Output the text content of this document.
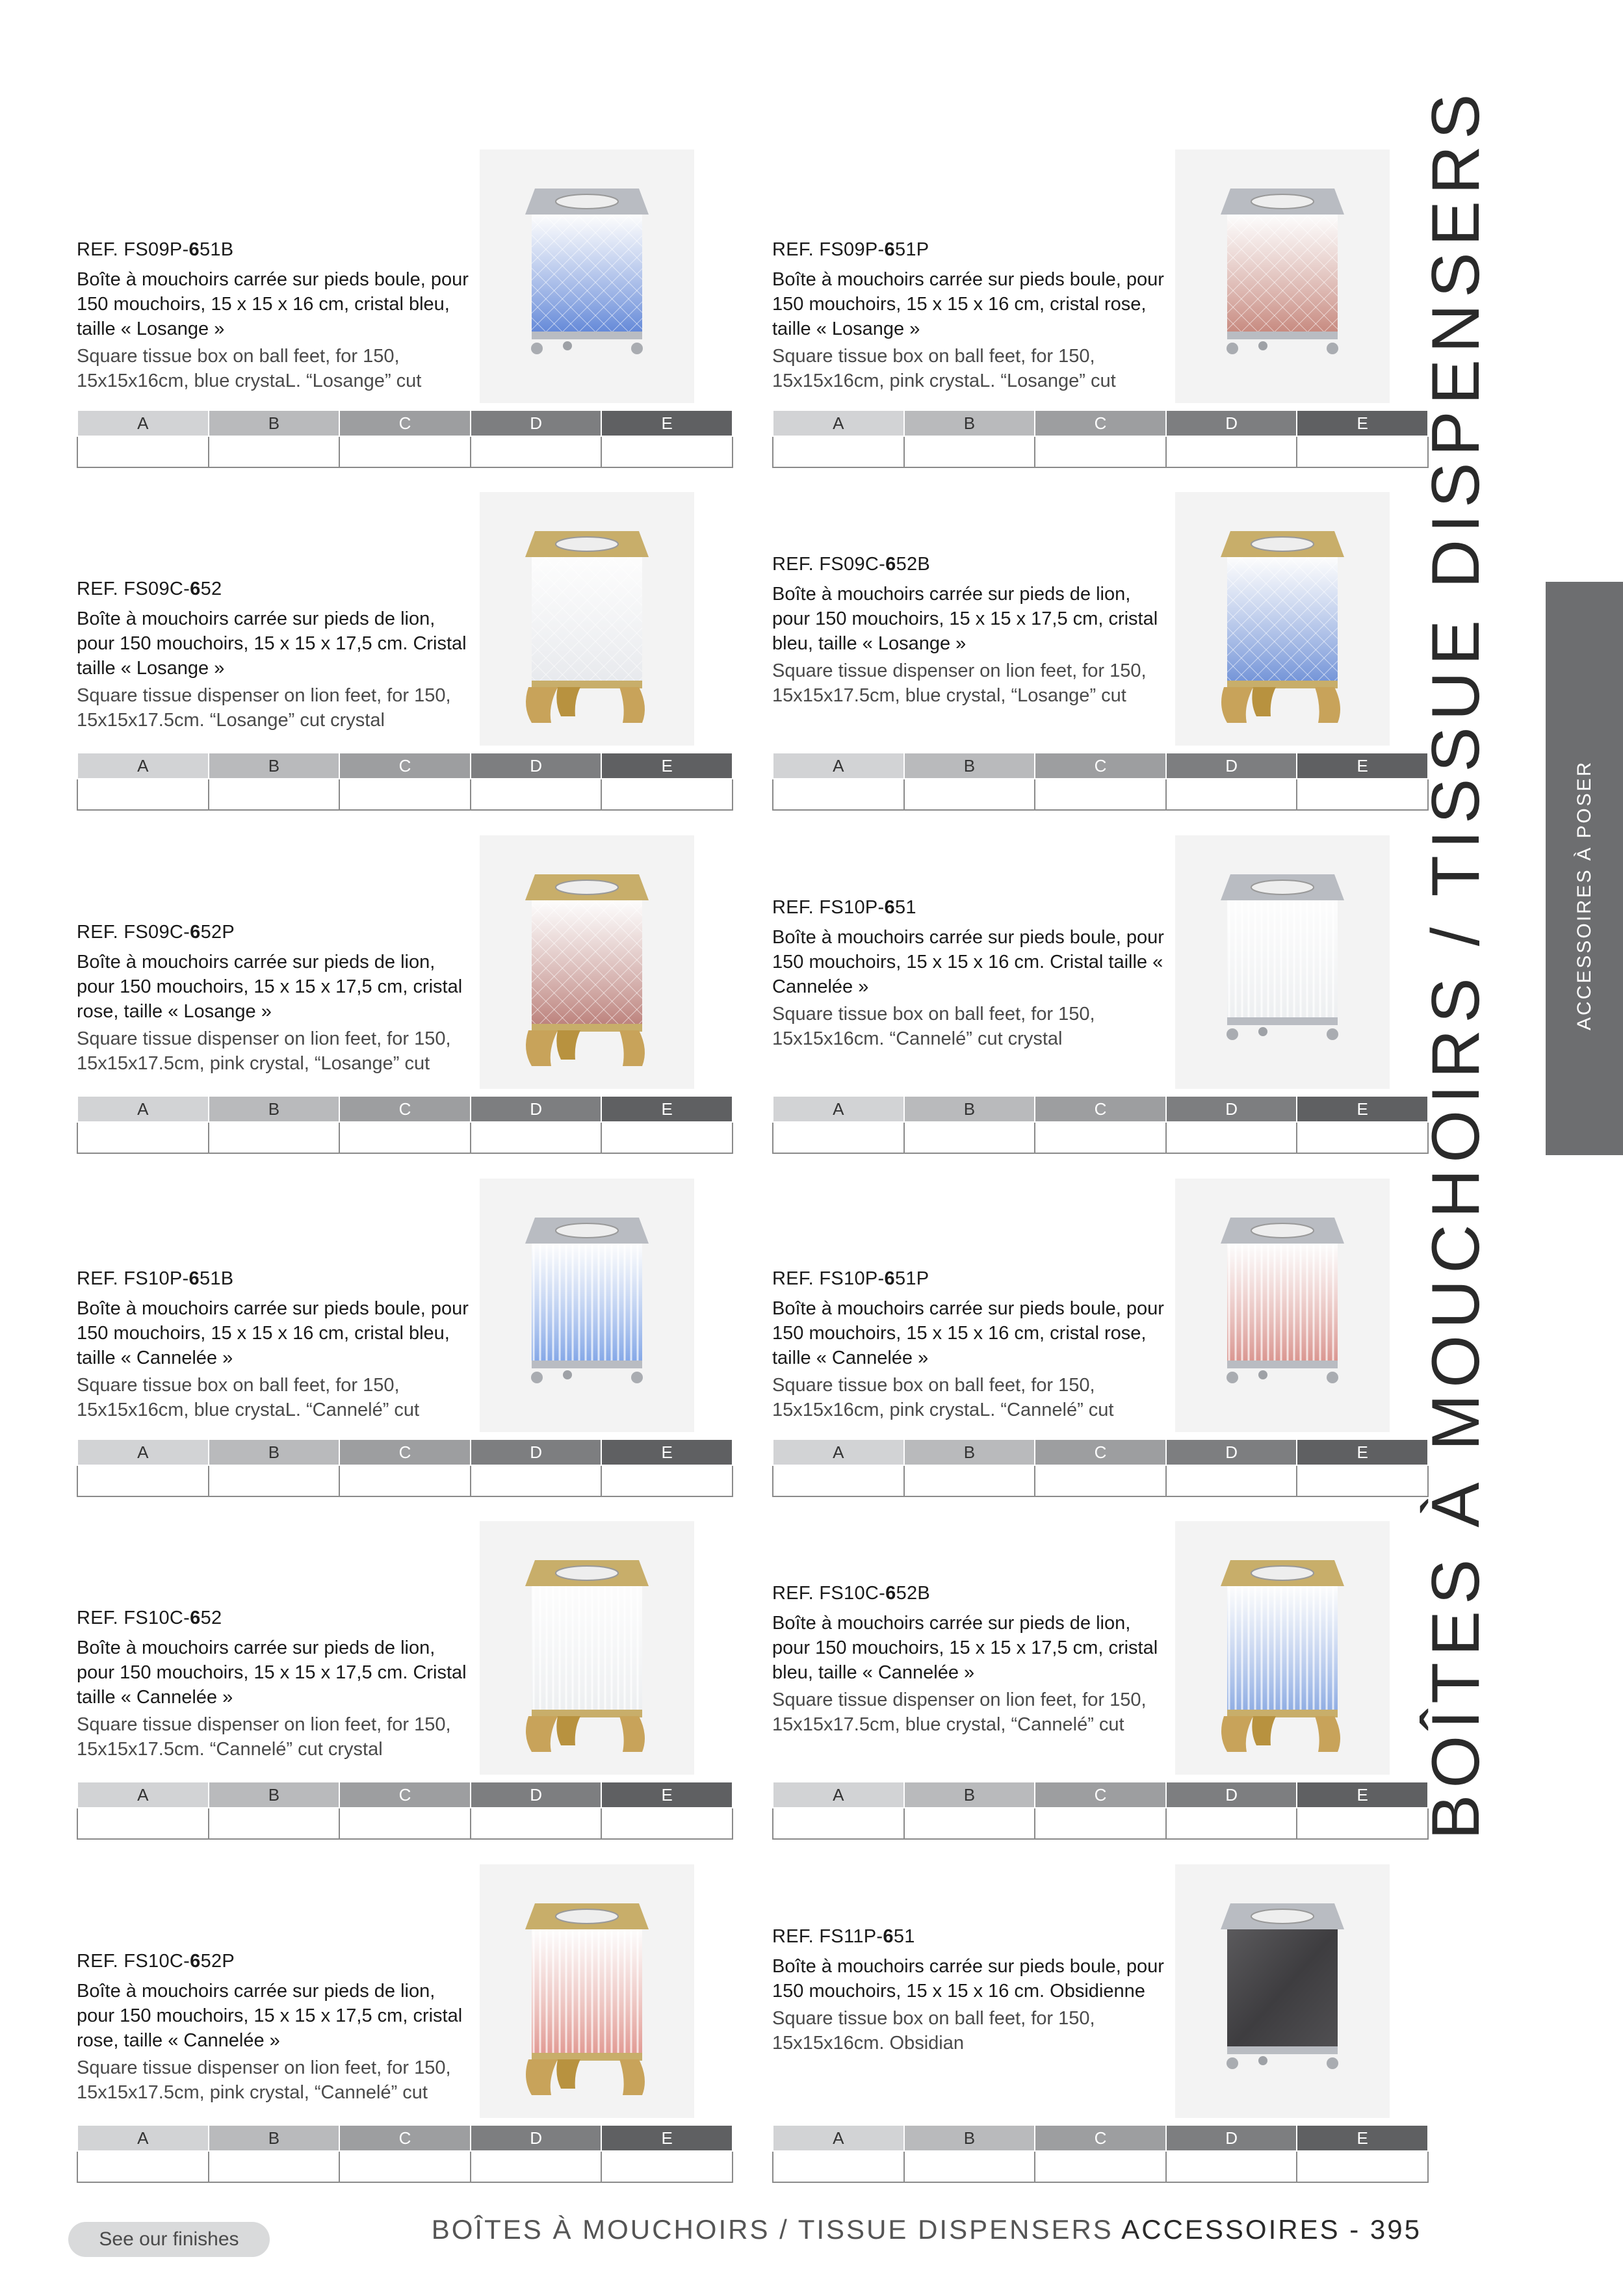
REF. FS09P-651B
Boîte à mouchoirs carrée sur pieds boule, pour 150 mouchoirs, 15 x 15 x 16 cm, cristal bleu, taille « Losange »
Square tissue box on ball feet, for 150, 15x15x16cm, blue crystaL. “Losange” cut
A	B	C	D	E

REF. FS09P-651P
Boîte à mouchoirs carrée sur pieds boule, pour 150 mouchoirs, 15 x 15 x 16 cm, cristal rose, taille « Losange »
Square tissue box on ball feet, for 150, 15x15x16cm, pink crystaL. “Losange” cut
A	B	C	D	E

REF. FS09C-652
Boîte à mouchoirs carrée sur pieds de lion, pour 150 mouchoirs, 15 x 15 x 17,5 cm. Cristal taille « Losange »
Square tissue dispenser on lion feet, for 150, 15x15x17.5cm. “Losange” cut crystal
A	B	C	D	E

REF. FS09C-652B
Boîte à mouchoirs carrée sur pieds de lion, pour 150 mouchoirs, 15 x 15 x 17,5 cm, cristal bleu, taille « Losange »
Square tissue dispenser on lion feet, for 150, 15x15x17.5cm, blue crystal, “Losange” cut
A	B	C	D	E

REF. FS09C-652P
Boîte à mouchoirs carrée sur pieds de lion, pour 150 mouchoirs, 15 x 15 x 17,5 cm, cristal rose, taille « Losange »
Square tissue dispenser on lion feet, for 150, 15x15x17.5cm, pink crystal, “Losange” cut
A	B	C	D	E

REF. FS10P-651
Boîte à mouchoirs carrée sur pieds boule, pour 150 mouchoirs, 15 x 15 x 16 cm. Cristal taille « Cannelée »
Square tissue box on ball feet, for 150, 15x15x16cm. “Cannelé” cut crystal
A	B	C	D	E

REF. FS10P-651B
Boîte à mouchoirs carrée sur pieds boule, pour 150 mouchoirs, 15 x 15 x 16 cm, cristal bleu, taille « Cannelée »
Square tissue box on ball feet, for 150, 15x15x16cm, blue crystaL. “Cannelé” cut
A	B	C	D	E

REF. FS10P-651P
Boîte à mouchoirs carrée sur pieds boule, pour 150 mouchoirs, 15 x 15 x 16 cm, cristal rose, taille « Cannelée »
Square tissue box on ball feet, for 150, 15x15x16cm, pink crystaL. “Cannelé” cut
A	B	C	D	E

REF. FS10C-652
Boîte à mouchoirs carrée sur pieds de lion, pour 150 mouchoirs, 15 x 15 x 17,5 cm. Cristal taille « Cannelée »
Square tissue dispenser on lion feet, for 150, 15x15x17.5cm. “Cannelé” cut crystal
A	B	C	D	E

REF. FS10C-652B
Boîte à mouchoirs carrée sur pieds de lion, pour 150 mouchoirs, 15 x 15 x 17,5 cm, cristal bleu, taille « Cannelée »
Square tissue dispenser on lion feet, for 150, 15x15x17.5cm, blue crystal, “Cannelé” cut
A	B	C	D	E

REF. FS10C-652P
Boîte à mouchoirs carrée sur pieds de lion, pour 150 mouchoirs, 15 x 15 x 17,5 cm, cristal rose, taille « Cannelée »
Square tissue dispenser on lion feet, for 150, 15x15x17.5cm, pink crystal, “Cannelé” cut
A	B	C	D	E

REF. FS11P-651
Boîte à mouchoirs carrée sur pieds boule, pour 150 mouchoirs, 15 x 15 x 16 cm. Obsidienne
Square tissue box on ball feet, for 150, 15x15x16cm. Obsidian
A	B	C	D	E

BOÎTES À MOUCHOIRS / TISSUE DISPENSERS	ACCESSOIRES À POSER
See our finishes	BOÎTES À MOUCHOIRS / TISSUE DISPENSERS ACCESSOIRES - 395
